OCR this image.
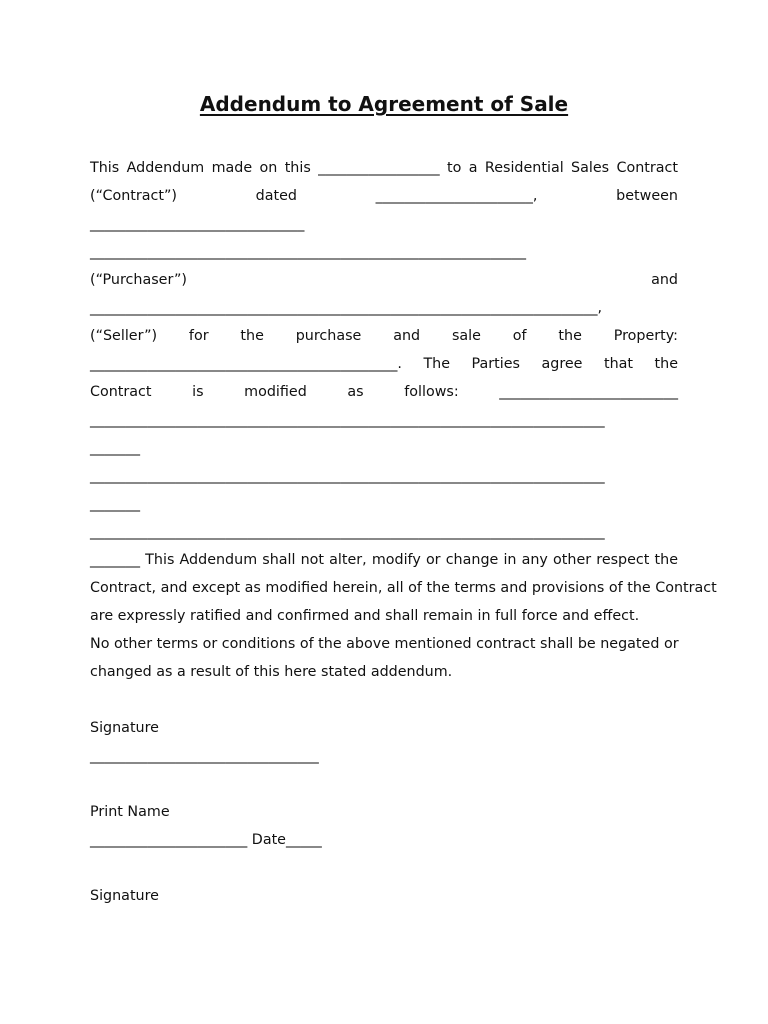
Addendum to Agreement of Sale
This Addendum made on this _________________ to a Residential Sales Contract
(“Contract”) dated ______________________, between
______________________________
_____________________________________________________________
(“Purchaser”) and
_______________________________________________________________________,
(“Seller”) for the purchase and sale of the Property:
___________________________________________. The Parties agree that the
Contract is modified as follows: _________________________
________________________________________________________________________
_______
________________________________________________________________________
_______
________________________________________________________________________
_______ This Addendum shall not alter, modify or change in any other respect the
Contract, and except as modified herein, all of the terms and provisions of the Contract
are expressly ratified and confirmed and shall remain in full force and effect.
No other terms or conditions of the above mentioned contract shall be negated or
changed as a result of this here stated addendum.
Signature
________________________________
Print Name
______________________ Date_____
Signature
